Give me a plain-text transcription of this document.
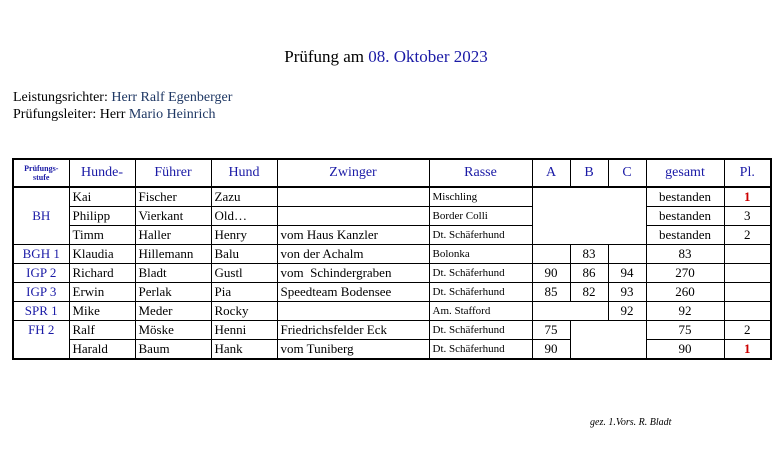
Prüfung am 08. Oktober 2023
Leistungsrichter: Herr Ralf Egenberger
Prüfungsleiter: Herr Mario Heinrich
Prüfungs-
stufe	Hunde-	Führer	Hund	Zwinger	Rasse	A	B	C	gesamt	Pl.
BH	Kai	Fischer	Zazu		Mischling				bestanden	1
	Philipp	Vierkant	Old…		Border Colli				bestanden	3
	Timm	Haller	Henry	vom Haus Kanzler	Dt. Schäferhund				bestanden	2
BGH 1	Klaudia	Hillemann	Balu	von der Achalm	Bolonka		83		83	
IGP 2	Richard	Bladt	Gustl	vom  Schindergraben	Dt. Schäferhund	90	86	94	270	
IGP 3	Erwin	Perlak	Pia	Speedteam Bodensee	Dt. Schäferhund	85	82	93	260	
SPR 1	Mike	Meder	Rocky		Am. Stafford			92	92	
FH 2	Ralf	Möske	Henni	Friedrichsfelder Eck	Dt. Schäferhund	75			75	2
	Harald	Baum	Hank	vom Tuniberg	Dt. Schäferhund	90			90	1
gez. 1.Vors. R. Bladt
